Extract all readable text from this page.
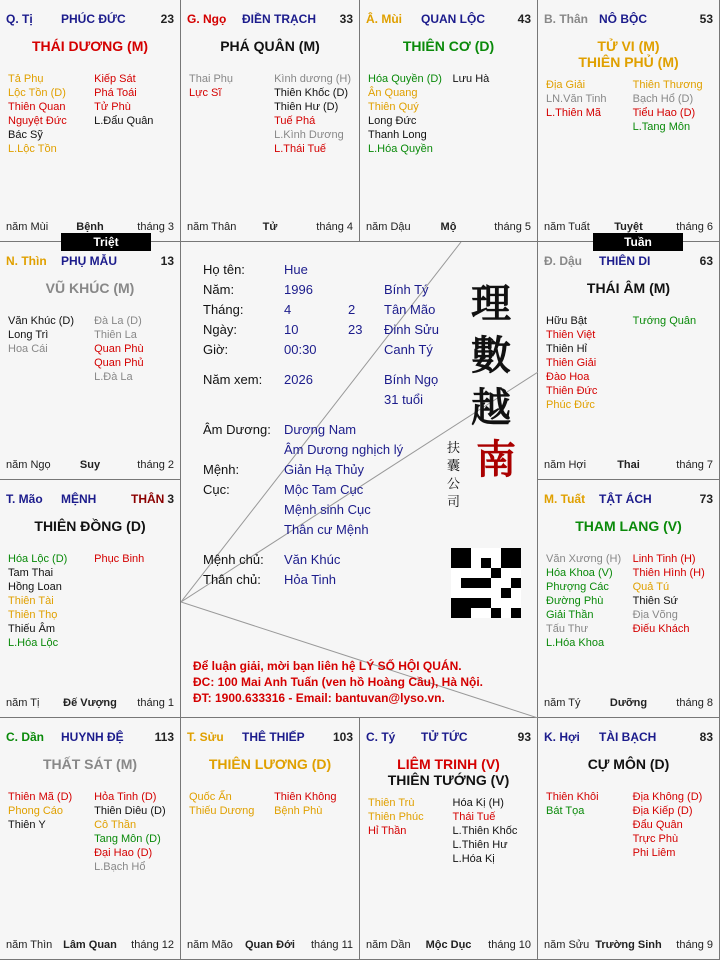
Q. Tị PHÚC ĐỨC	23
THÁI DƯƠNG (M)
Tả Phụ
Lộc Tồn (D)
Thiên Quan
Nguyệt Đức
Bác Sỹ
L.Lộc Tồn
Kiếp Sát
Phá Toái
Tử Phù
L.Đẩu Quân
năm Mùi	Bệnh	tháng 3
G. Ngọ ĐIỀN TRẠCH 33
PHÁ QUÂN (M)
Thai Phụ
Lực Sĩ
Kình dương (H)
Thiên Khốc (D)
Thiên Hư (D)
Tuế Phá
L.Kình Dương
L.Thái Tuế
năm Thân	Tử	tháng 4
Â. Mùi QUAN LỘC	43
THIÊN CƠ (D)
Hóa Quyền (D)
Ân Quang
Thiên Quý
Long Đức
Thanh Long
L.Hóa Quyền
Lưu Hà
năm Dậu	Mộ	tháng 5
B. Thân NÔ BỘC	53
TỬ VI (M)
THIÊN PHỦ (M)
Địa Giải
LN.Văn Tinh
L.Thiên Mã
Thiên Thương
Bạch Hổ (D)
Tiểu Hao (D)
L.Tang Môn
năm Tuất	Tuyệt	tháng 6
N. Thìn PHỤ MẪU	13
VŨ KHÚC (M)
Văn Khúc (D)
Long Trì
Hoa Cái
Đà La (D)
Thiên La
Quan Phù
Quan Phủ
L.Đà La
năm Ngọ	Suy	tháng 2
Đ. Dậu THIÊN DI	63
THÁI ÂM (M)
Hữu Bật
Thiên Việt
Thiên Hỉ
Thiên Giải
Đào Hoa
Thiên Đức
Phúc Đức
Tướng Quân
năm Hợi	Thai	tháng 7
T. Mão MỆNH	THÂN 3
THIÊN ĐỒNG (D)
Hóa Lộc (D)
Tam Thai
Hồng Loan
Thiên Tài
Thiên Thọ
Thiếu Âm
L.Hóa Lộc
Phục Binh
năm Tị	Đế Vượng	tháng 1
M. Tuất TẬT ÁCH	73
THAM LANG (V)
Văn Xương (H)
Hóa Khoa (V)
Phượng Các
Đường Phù
Giải Thần
Tấu Thư
L.Hóa Khoa
Linh Tinh (H)
Thiên Hình (H)
Quả Tú
Thiên Sứ
Địa Võng
Điếu Khách
năm Tý	Dưỡng	tháng 8
C. Dần HUYNH ĐỆ	113
THẤT SÁT (M)
Thiên Mã (D)
Phong Cáo
Thiên Y
Hỏa Tinh (D)
Thiên Diêu (D)
Cô Thần
Tang Môn (D)
Đại Hao (D)
L.Bạch Hổ
năm Thìn Lâm Quan	tháng 12
T. Sửu THÊ THIẾP 103
THIÊN LƯƠNG (D)
Quốc Ấn
Thiếu Dương
Thiên Không
Bệnh Phù
năm Mão	Quan Đới	tháng 11
C. Tý TỬ TỨC	93
LIÊM TRINH (V)
THIÊN TƯỚNG (V)
Thiên Trù
Thiên Phúc
Hỉ Thần
Hóa Kị (H)
Thái Tuế
L.Thiên Khốc
L.Thiên Hư
L.Hóa Kị
năm Dần	Mộc Dục	tháng 10
K. Hợi TÀI BẠCH	83
CỰ MÔN (D)
Thiên Khôi
Bát Tọa
Địa Không (D)
Địa Kiếp (D)
Đẩu Quân
Trực Phù
Phi Liêm
năm Sửu Trường Sinh	tháng 9
Triệt	Tuần
Họ tên:	Hue
Năm:	1996	Bính Tý
Tháng:	4	2 Tân Mão
Ngày:	10	23 Đinh Sửu
Giờ:	00:30	Canh Tý
Năm xem: 2026	Bính Ngọ
31 tuổi
Âm Dương: Dương Nam
Âm Dương nghịch lý
Mệnh:	Giản Hạ Thủy
Cục:	Mộc Tam Cục
Mệnh sinh Cục
Thân cư Mệnh
Mệnh chủ: Văn Khúc
Thân chủ: Hỏa Tinh
理
數
越
南
扶
囊
公
司
Để luận giải, mời bạn liên hệ LÝ SỐ HỘI QUÁN.
ĐC: 100 Mai Anh Tuấn (ven hồ Hoàng Cầu), Hà Nội.
ĐT: 1900.633316 - Email: bantuvan@lyso.vn.
